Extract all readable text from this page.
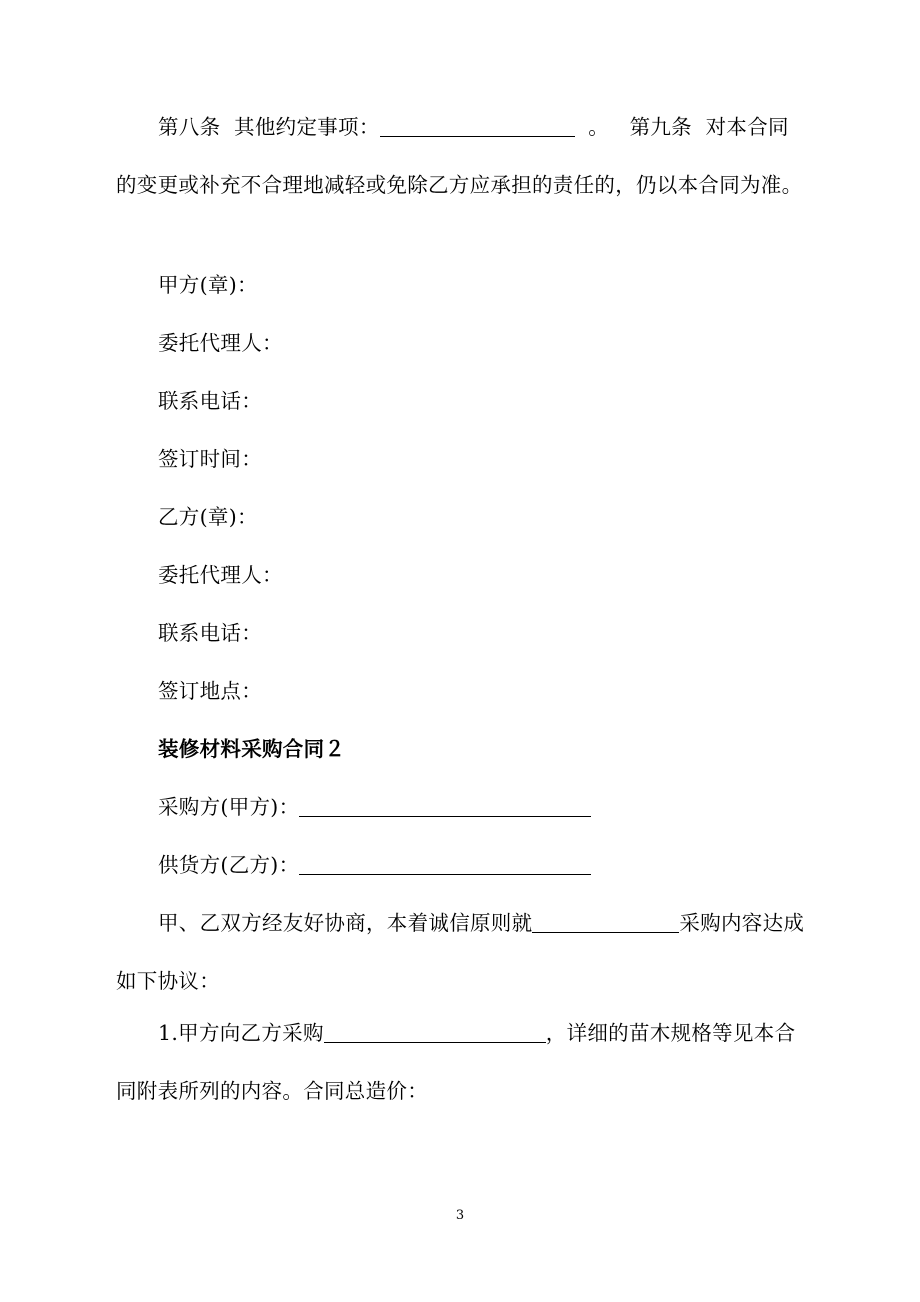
第八条 其他约定事项：	。 第九条 对本合同的变更或补充不合理地减轻或免除乙方应承担的责任的，仍以本合同为准。

甲方(章)：

委托代理人：

联系电话：

签订时间：

乙方(章)：

委托代理人：

联系电话：

签订地点：

装修材料采购合同２

采购方(甲方)：

供货方(乙方)：

甲、乙双方经友好协商，本着诚信原则就	采购内容达成如下协议：

1.甲方向乙方采购	，详细的苗木规格等见本合同附表所列的内容。合同总造价：

3
